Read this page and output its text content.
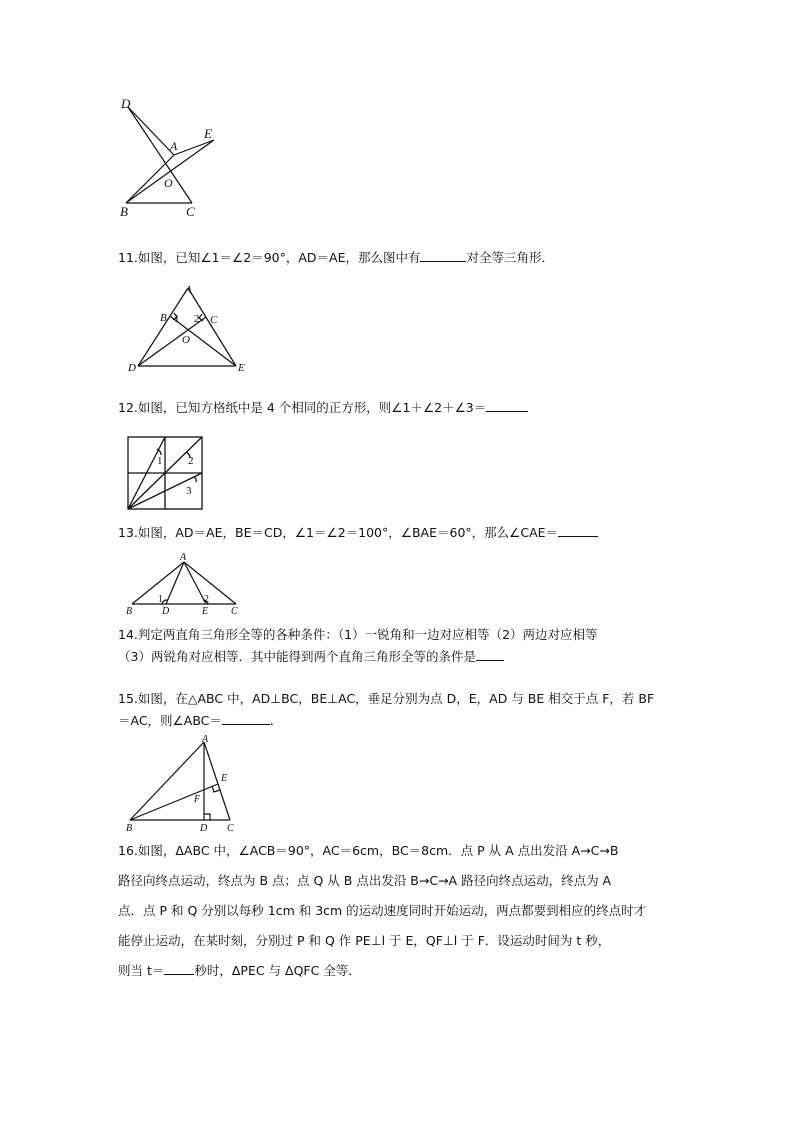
D
A
E
O
B	C
11.如图，已知∠1＝∠2＝90°，AD＝AE，那么图中有	对全等三角形．
A
B 1 2 C
O
D	E
12.如图，已知方格纸中是 4 个相同的正方形，则∠1＋∠2＋∠3＝
1 2
3
13.如图，AD＝AE，BE＝CD，∠1＝∠2＝100°，∠BAE＝60°，那么∠CAE＝
A
1	2
B	D	E C
14.判定两直角三角形全等的各种条件：（1）一锐角和一边对应相等（2）两边对应相等
（3）两锐角对应相等．其中能得到两个直角三角形全等的条件是
15.如图，在△ABC 中，AD⊥BC，BE⊥AC，垂足分别为点 D，E，AD 与 BE 相交于点 F，若 BF
＝AC，则∠ABC＝	．
A
E
F
B	D C
16.如图，ΔABC 中，∠ACB＝90°，AC＝6cm，BC＝8cm．点 P 从 A 点出发沿 A→C→B
路径向终点运动，终点为 B 点；点 Q 从 B 点出发沿 B→C→A 路径向终点运动，终点为 A
点．点 P 和 Q 分别以每秒 1cm 和 3cm 的运动速度同时开始运动，两点都要到相应的终点时才
能停止运动，在某时刻，分别过 P 和 Q 作 PE⊥l 于 E，QF⊥l 于 F．设运动时间为 t 秒，
则当 t＝ 秒时，ΔPEC 与 ΔQFC 全等．
